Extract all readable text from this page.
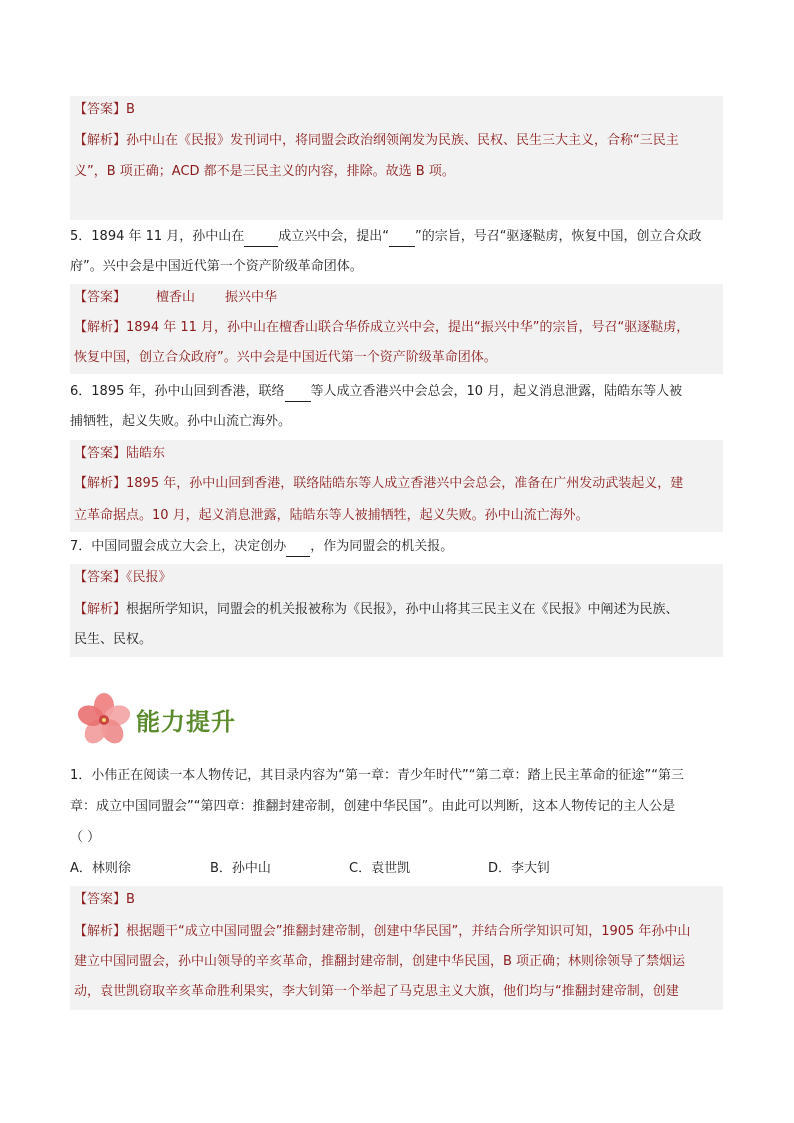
【答案】B
【解析】孙中山在《民报》发刊词中，将同盟会政治纲领阐发为民族、民权、民生三大主义，合称“三民主
义”，B 项正确；ACD 都不是三民主义的内容，排除。故选 B 项。
5．1894 年 11 月，孙中山在	成立兴中会，提出“ ”的宗旨，号召“驱逐鞑虏，恢复中国，创立合众政
府”。兴中会是中国近代第一个资产阶级革命团体。
【答案】 檀香山 振兴中华
【解析】1894 年 11 月，孙中山在檀香山联合华侨成立兴中会，提出“振兴中华”的宗旨，号召“驱逐鞑虏，
恢复中国，创立合众政府”。兴中会是中国近代第一个资产阶级革命团体。
6．1895 年，孙中山回到香港，联络 等人成立香港兴中会总会，10 月，起义消息泄露，陆皓东等人被
捕牺牲，起义失败。孙中山流亡海外。
【答案】陆皓东
【解析】1895 年，孙中山回到香港，联络陆皓东等人成立香港兴中会总会，准备在广州发动武装起义，建
立革命据点。10 月，起义消息泄露，陆皓东等人被捕牺牲，起义失败。孙中山流亡海外。
7．中国同盟会成立大会上，决定创办 ，作为同盟会的机关报。
【答案】《民报》
【解析】根据所学知识，同盟会的机关报被称为《民报》，孙中山将其三民主义在《民报》中阐述为民族、
民生、民权。
能力提升
1．小伟正在阅读一本人物传记，其目录内容为“第一章：青少年时代”“第二章：踏上民主革命的征途”“第三
章：成立中国同盟会”“第四章：推翻封建帝制，创建中华民国”。由此可以判断，这本人物传记的主人公是
（ ）
A．林则徐	B．孙中山	C．袁世凯	D．李大钊
【答案】B
【解析】根据题干“成立中国同盟会”推翻封建帝制，创建中华民国”，并结合所学知识可知，1905 年孙中山
建立中国同盟会，孙中山领导的辛亥革命，推翻封建帝制，创建中华民国，B 项正确；林则徐领导了禁烟运
动，袁世凯窃取辛亥革命胜利果实，李大钊第一个举起了马克思主义大旗，他们均与“推翻封建帝制，创建
